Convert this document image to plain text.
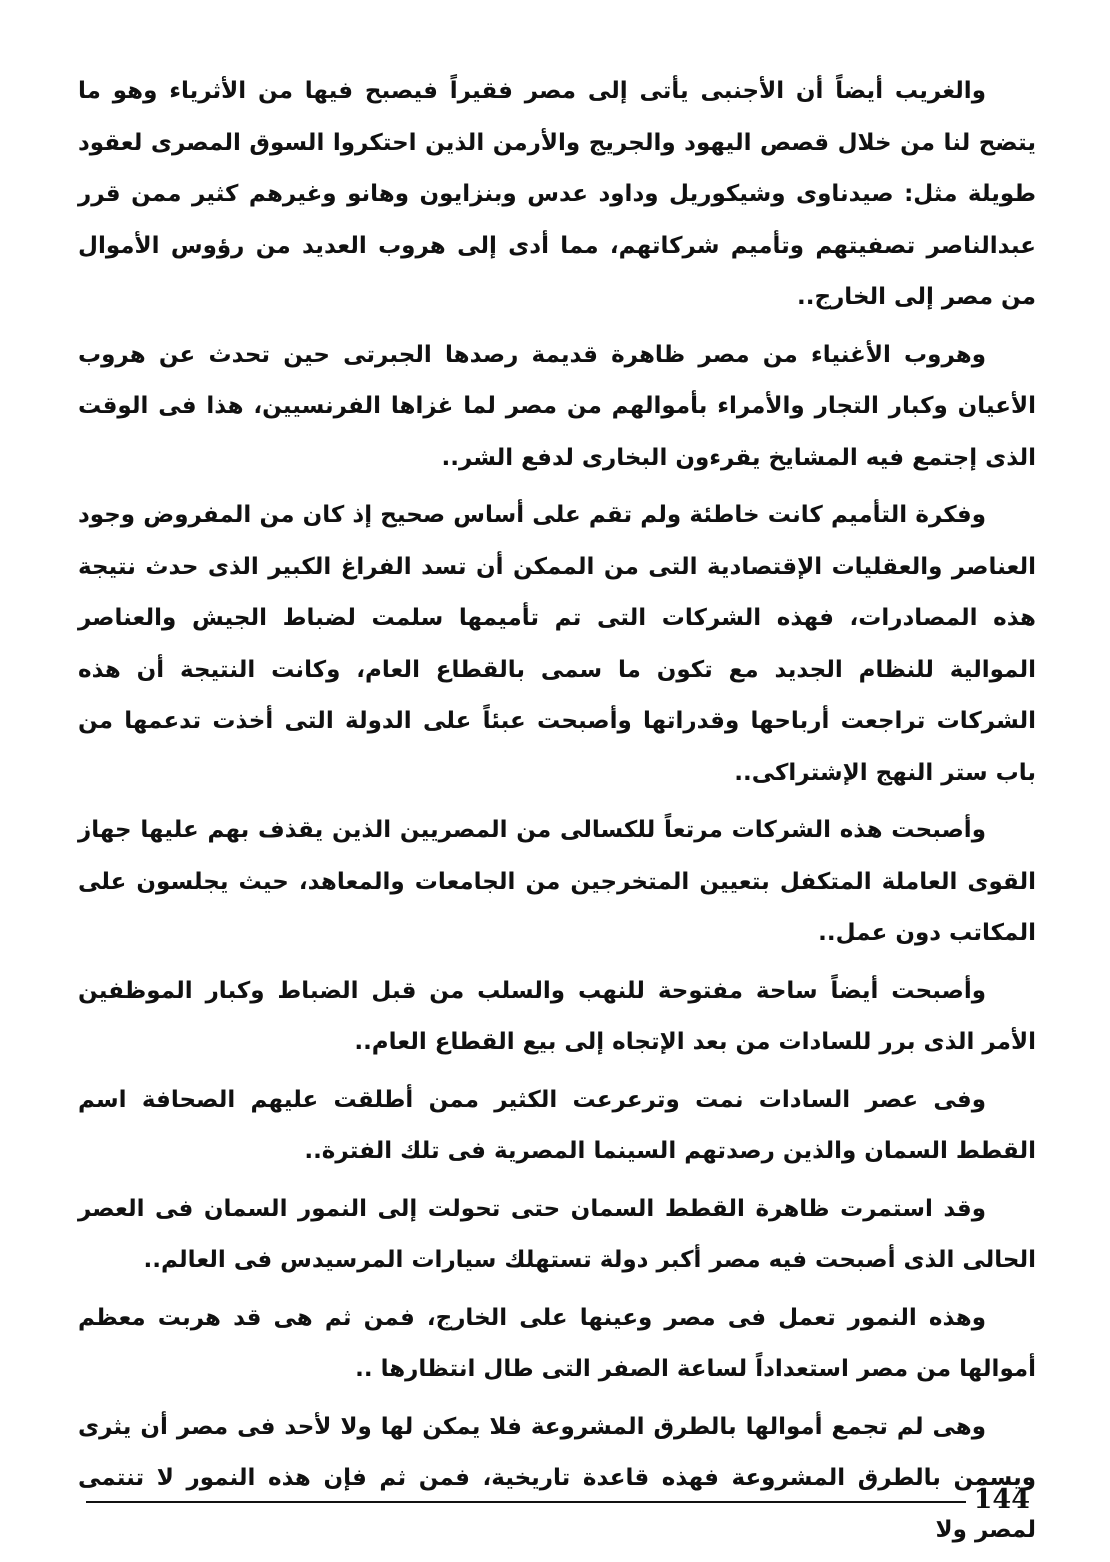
والغريب أيضاً أن الأجنبى يأتى إلى مصر فقيراً فيصبح فيها من الأثرياء وهو ما يتضح لنا من خلال قصص اليهود والجريج والأرمن الذين احتكروا السوق المصرى لعقود طويلة مثل: صيدناوى وشيكوريل وداود عدس وبنزايون وهانو وغيرهم كثير ممن قرر عبدالناصر تصفيتهم وتأميم شركاتهم، مما أدى إلى هروب العديد من رؤوس الأموال من مصر إلى الخارج..

وهروب الأغنياء من مصر ظاهرة قديمة رصدها الجبرتى حين تحدث عن هروب الأعيان وكبار التجار والأمراء بأموالهم من مصر لما غزاها الفرنسيين، هذا فى الوقت الذى إجتمع فيه المشايخ يقرءون البخارى لدفع الشر..

وفكرة التأميم كانت خاطئة ولم تقم على أساس صحيح إذ كان من المفروض وجود العناصر والعقليات الإقتصادية التى من الممكن أن تسد الفراغ الكبير الذى حدث نتيجة هذه المصادرات، فهذه الشركات التى تم تأميمها سلمت لضباط الجيش والعناصر الموالية للنظام الجديد مع تكون ما سمى بالقطاع العام، وكانت النتيجة أن هذه الشركات تراجعت أرباحها وقدراتها وأصبحت عبئاً على الدولة التى أخذت تدعمها من باب ستر النهج الإشتراكى..

وأصبحت هذه الشركات مرتعاً للكسالى من المصريين الذين يقذف بهم عليها جهاز القوى العاملة المتكفل بتعيين المتخرجين من الجامعات والمعاهد، حيث يجلسون على المكاتب دون عمل..

وأصبحت أيضاً ساحة مفتوحة للنهب والسلب من قبل الضباط وكبار الموظفين الأمر الذى برر للسادات من بعد الإتجاه إلى بيع القطاع العام..

وفى عصر السادات نمت وترعرعت الكثير ممن أطلقت عليهم الصحافة اسم القطط السمان والذين رصدتهم السينما المصرية فى تلك الفترة..

وقد استمرت ظاهرة القطط السمان حتى تحولت إلى النمور السمان فى العصر الحالى الذى أصبحت فيه مصر أكبر دولة تستهلك سيارات المرسيدس فى العالم..

وهذه النمور تعمل فى مصر وعينها على الخارج، فمن ثم هى قد هربت معظم أموالها من مصر استعداداً لساعة الصفر التى طال انتظارها ..

وهى لم تجمع أموالها بالطرق المشروعة فلا يمكن لها ولا لأحد فى مصر أن يثرى ويسمن بالطرق المشروعة فهذه قاعدة تاريخية، فمن ثم فإن هذه النمور لا تنتمى لمصر ولا

144
